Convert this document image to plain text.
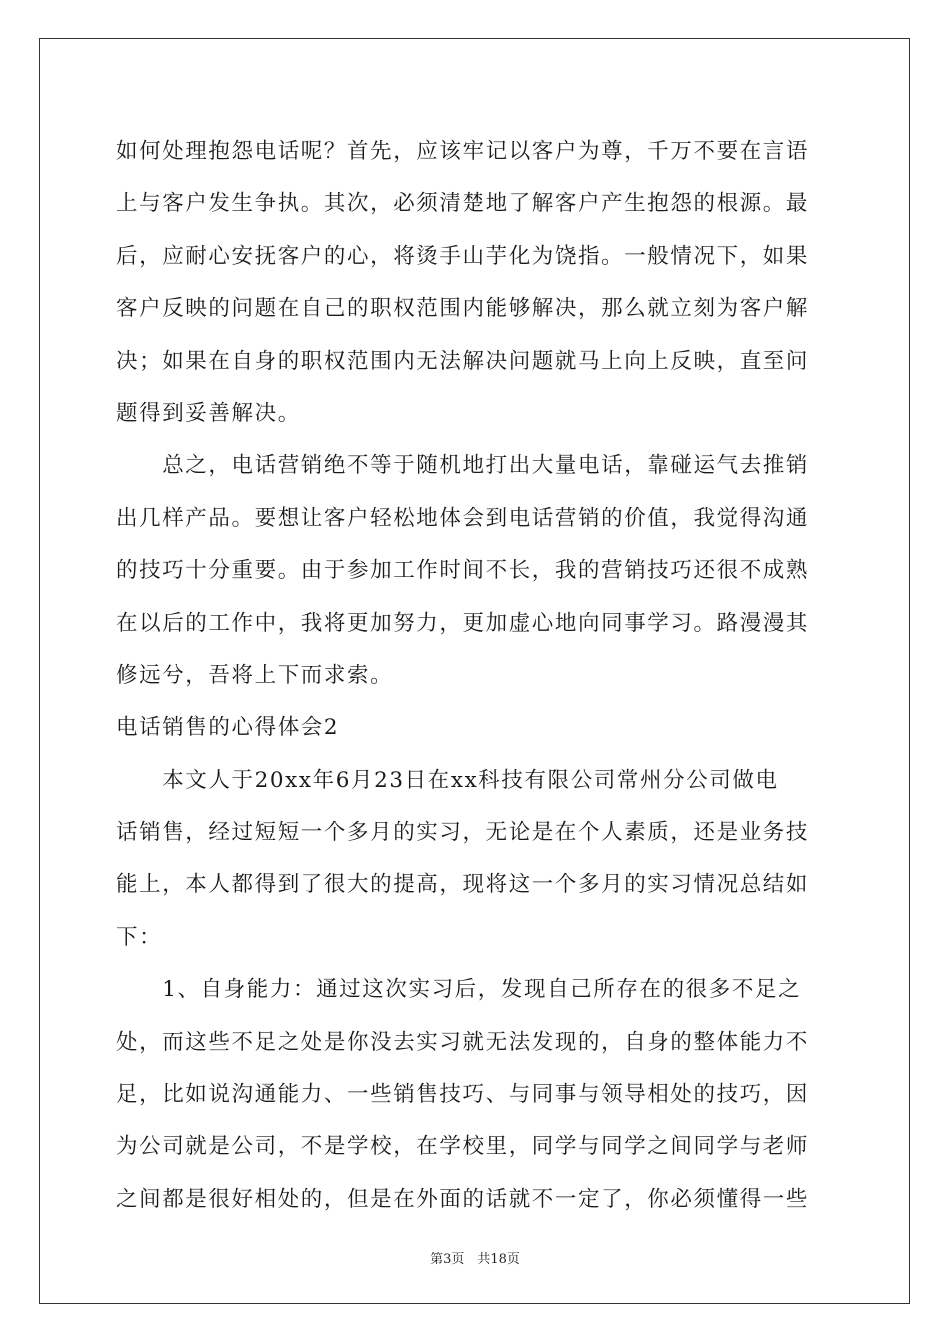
如何处理抱怨电话呢？首先，应该牢记以客户为尊，千万不要在言语
上与客户发生争执。其次，必须清楚地了解客户产生抱怨的根源。最
后，应耐心安抚客户的心，将烫手山芋化为饶指。一般情况下，如果
客户反映的问题在自己的职权范围内能够解决，那么就立刻为客户解
决；如果在自身的职权范围内无法解决问题就马上向上反映，直至问
题得到妥善解决。
　　总之，电话营销绝不等于随机地打出大量电话，靠碰运气去推销
出几样产品。要想让客户轻松地体会到电话营销的价值，我觉得沟通
的技巧十分重要。由于参加工作时间不长，我的营销技巧还很不成熟
在以后的工作中，我将更加努力，更加虚心地向同事学习。路漫漫其
修远兮，吾将上下而求索。
电话销售的心得体会2
　　本文人于20xx年6月23日在xx科技有限公司常州分公司做电
话销售，经过短短一个多月的实习，无论是在个人素质，还是业务技
能上，本人都得到了很大的提高，现将这一个多月的实习情况总结如
下：
　　1、自身能力：通过这次实习后，发现自己所存在的很多不足之
处，而这些不足之处是你没去实习就无法发现的，自身的整体能力不
足，比如说沟通能力、一些销售技巧、与同事与领导相处的技巧，因
为公司就是公司，不是学校，在学校里，同学与同学之间同学与老师
之间都是很好相处的，但是在外面的话就不一定了，你必须懂得一些
第3页　共18页
